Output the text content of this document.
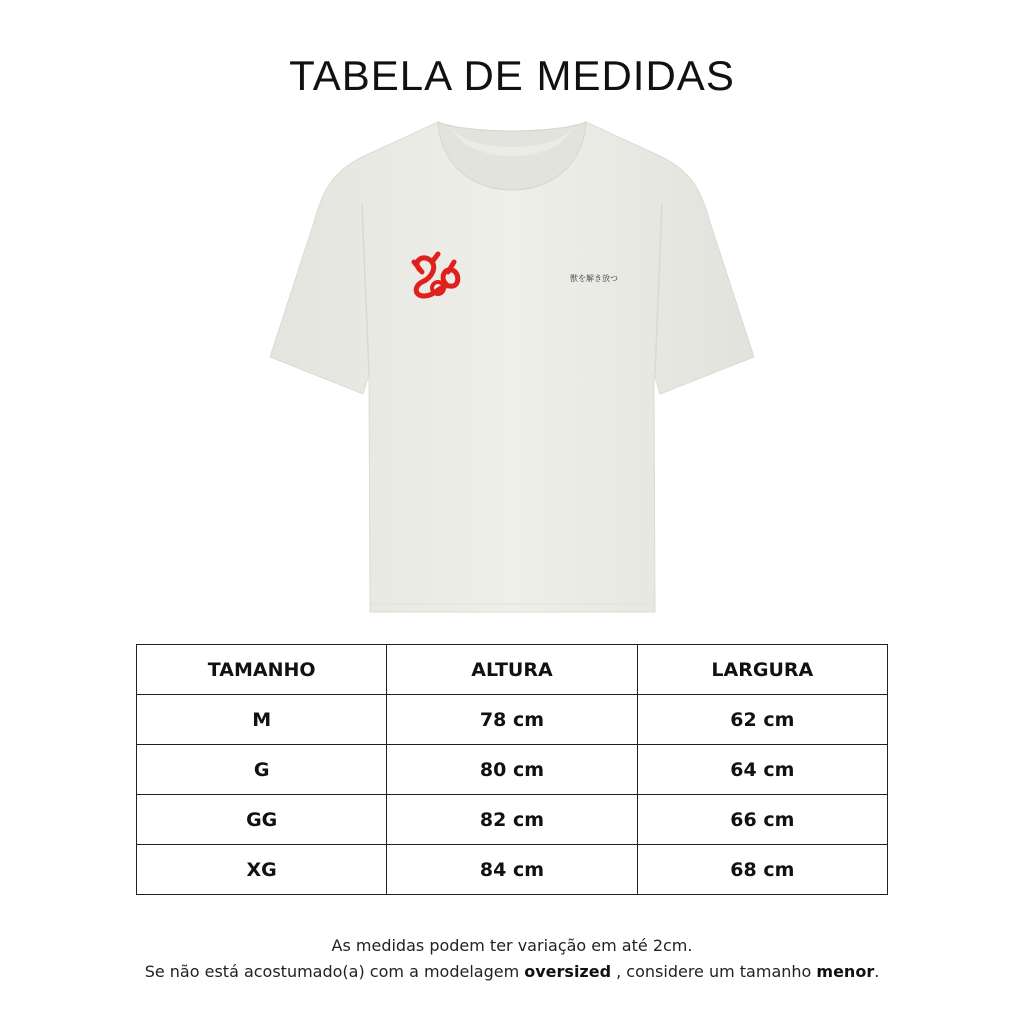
TABELA DE MEDIDAS
獣を解き放つ
TAMANHO	ALTURA	LARGURA
M	78 cm	62 cm
G	80 cm	64 cm
GG	82 cm	66 cm
XG	84 cm	68 cm
As medidas podem ter variação em até 2cm.
Se não está acostumado(a) com a modelagem oversized , considere um tamanho menor.
